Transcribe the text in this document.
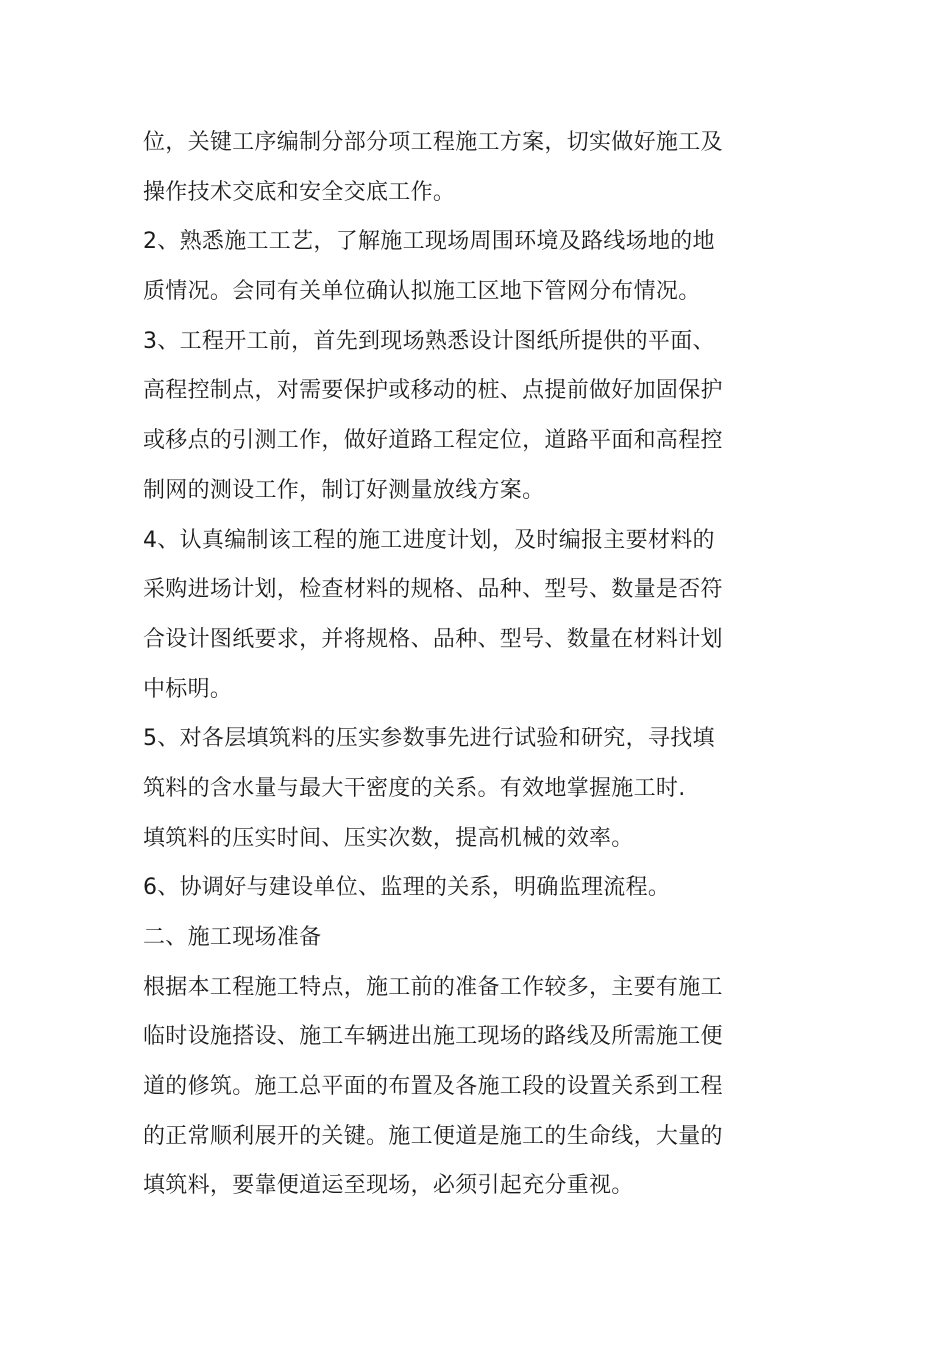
位，关键工序编制分部分项工程施工方案，切实做好施工及
操作技术交底和安全交底工作。
2、熟悉施工工艺，了解施工现场周围环境及路线场地的地
质情况。会同有关单位确认拟施工区地下管网分布情况。
3、工程开工前，首先到现场熟悉设计图纸所提供的平面、
高程控制点，对需要保护或移动的桩、点提前做好加固保护
或移点的引测工作，做好道路工程定位，道路平面和高程控
制网的测设工作，制订好测量放线方案。
4、认真编制该工程的施工进度计划，及时编报主要材料的
采购进场计划，检查材料的规格、品种、型号、数量是否符
合设计图纸要求，并将规格、品种、型号、数量在材料计划
中标明。
5、对各层填筑料的压实参数事先进行试验和研究，寻找填
筑料的含水量与最大干密度的关系。有效地掌握施工时.
填筑料的压实时间、压实次数，提高机械的效率。
6、协调好与建设单位、监理的关系，明确监理流程。
二、施工现场准备
根据本工程施工特点，施工前的准备工作较多，主要有施工
临时设施搭设、施工车辆进出施工现场的路线及所需施工便
道的修筑。施工总平面的布置及各施工段的设置关系到工程
的正常顺利展开的关键。施工便道是施工的生命线，大量的
填筑料，要靠便道运至现场，必须引起充分重视。
